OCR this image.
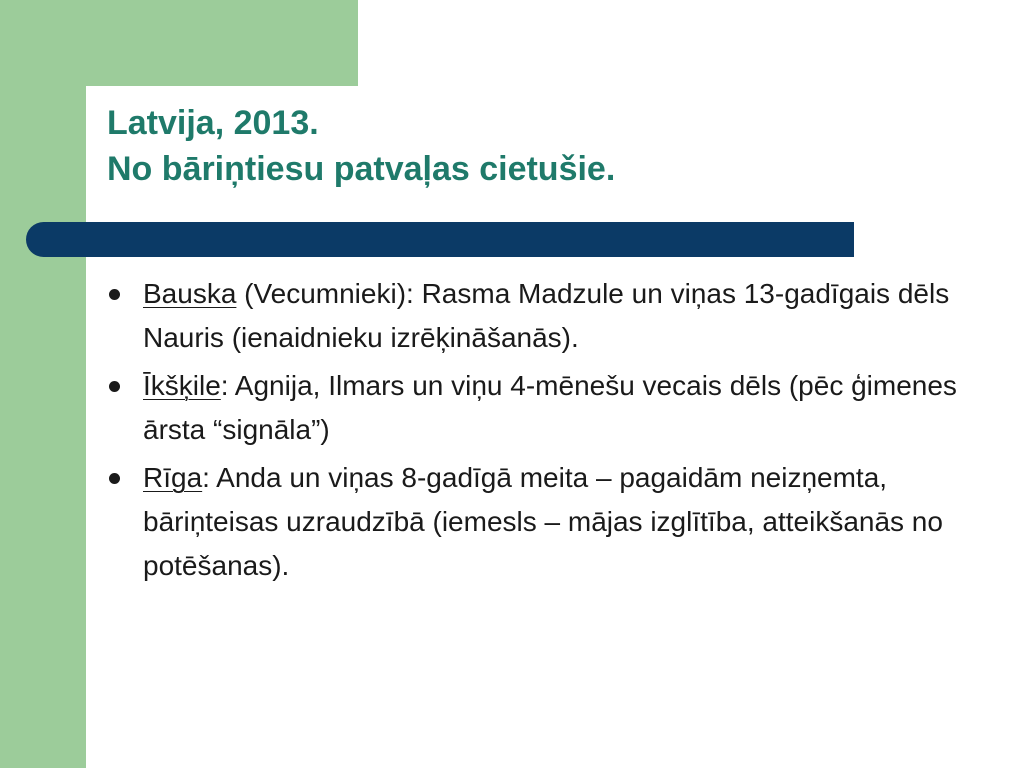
Latvija, 2013.
No bāriņtiesu patvaļas cietušie.
Bauska (Vecumnieki): Rasma Madzule un viņas 13-gadīgais dēls Nauris (ienaidnieku izrēķināšanās).
Īkšķile: Agnija, Ilmars un viņu 4-mēnešu vecais dēls (pēc ģimenes ārsta “signāla”)
Rīga: Anda un viņas 8-gadīgā meita – pagaidām neizņemta, bāriņteisas uzraudzībā (iemesls – mājas izglītība, atteikšanās no potēšanas).
